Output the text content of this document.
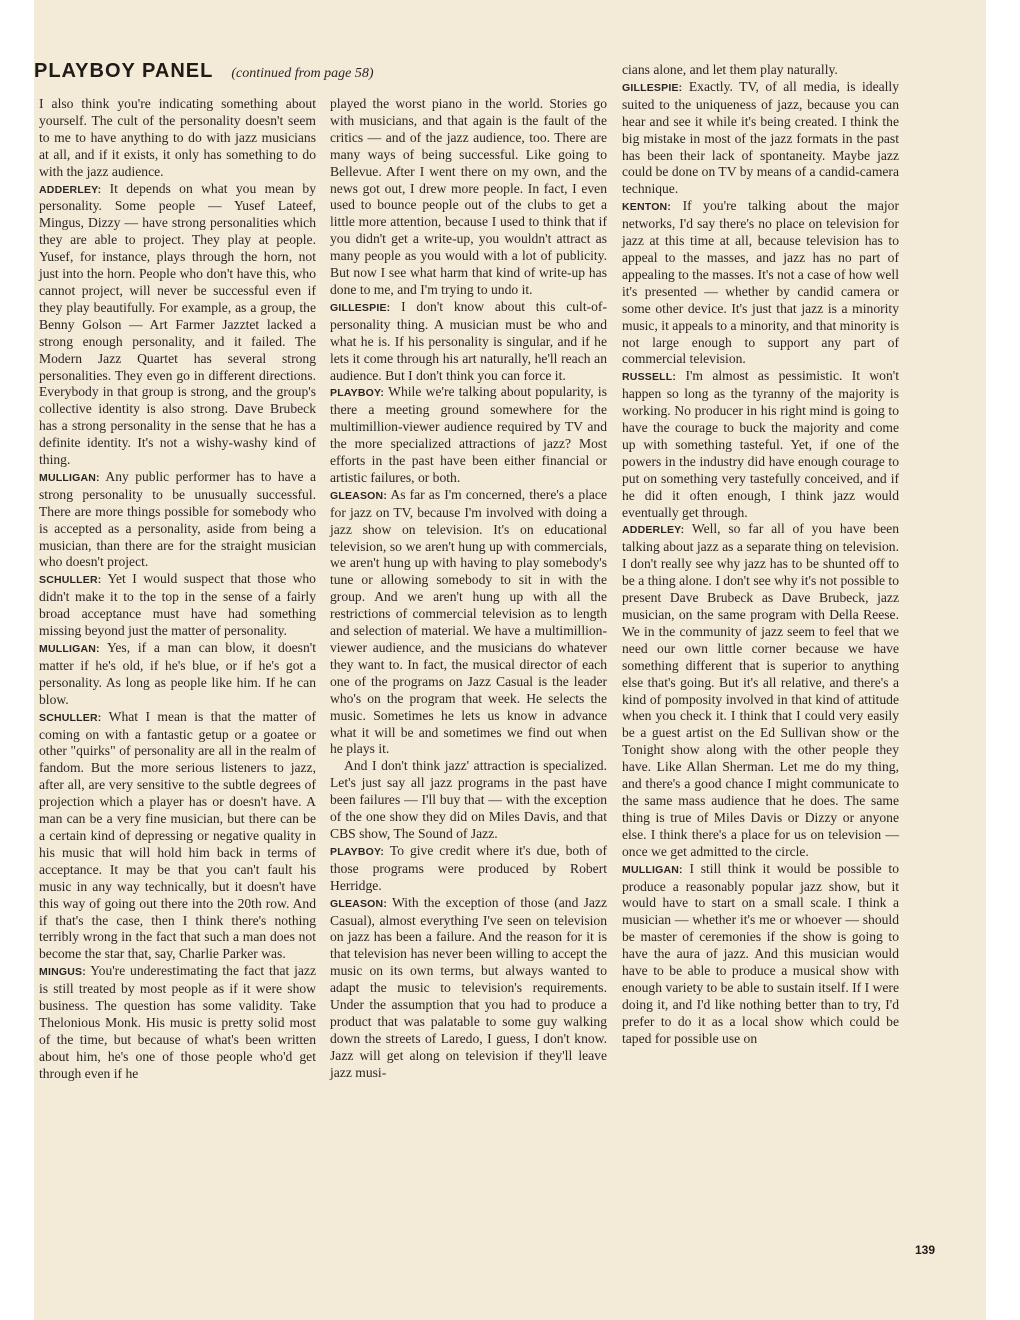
PLAYBOY PANEL (continued from page 58)

I also think you're indicating something about yourself. The cult of the personality doesn't seem to me to have anything to do with jazz musicians at all, and if it exists, it only has something to do with the jazz audience.

ADDERLEY: It depends on what you mean by personality. Some people — Yusef Lateef, Mingus, Dizzy — have strong personalities which they are able to project. They play at people. Yusef, for instance, plays through the horn, not just into the horn. People who don't have this, who cannot project, will never be successful even if they play beautifully. For example, as a group, the Benny Golson — Art Farmer Jazztet lacked a strong enough personality, and it failed. The Modern Jazz Quartet has several strong personalities. They even go in different directions. Everybody in that group is strong, and the group's collective identity is also strong. Dave Brubeck has a strong personality in the sense that he has a definite identity. It's not a wishy-washy kind of thing.

MULLIGAN: Any public performer has to have a strong personality to be unusually successful. There are more things possible for somebody who is accepted as a personality, aside from being a musician, than there are for the straight musician who doesn't project.

SCHULLER: Yet I would suspect that those who didn't make it to the top in the sense of a fairly broad acceptance must have had something missing beyond just the matter of personality.

MULLIGAN: Yes, if a man can blow, it doesn't matter if he's old, if he's blue, or if he's got a personality. As long as people like him. If he can blow.

SCHULLER: What I mean is that the matter of coming on with a fantastic getup or a goatee or other "quirks" of personality are all in the realm of fandom. But the more serious listeners to jazz, after all, are very sensitive to the subtle degrees of projection which a player has or doesn't have. A man can be a very fine musician, but there can be a certain kind of depressing or negative quality in his music that will hold him back in terms of acceptance. It may be that you can't fault his music in any way technically, but it doesn't have this way of going out there into the 20th row. And if that's the case, then I think there's nothing terribly wrong in the fact that such a man does not become the star that, say, Charlie Parker was.

MINGUS: You're underestimating the fact that jazz is still treated by most people as if it were show business. The question has some validity. Take Thelonious Monk. His music is pretty solid most of the time, but because of what's been written about him, he's one of those people who'd get through even if he

played the worst piano in the world. Stories go with musicians, and that again is the fault of the critics — and of the jazz audience, too. There are many ways of being successful. Like going to Bellevue. After I went there on my own, and the news got out, I drew more people. In fact, I even used to bounce people out of the clubs to get a little more attention, because I used to think that if you didn't get a write-up, you wouldn't attract as many people as you would with a lot of publicity. But now I see what harm that kind of write-up has done to me, and I'm trying to undo it.

GILLESPIE: I don't know about this cult-of-personality thing. A musician must be who and what he is. If his personality is singular, and if he lets it come through his art naturally, he'll reach an audience. But I don't think you can force it.

PLAYBOY: While we're talking about popularity, is there a meeting ground somewhere for the multimillion-viewer audience required by TV and the more specialized attractions of jazz? Most efforts in the past have been either financial or artistic failures, or both.

GLEASON: As far as I'm concerned, there's a place for jazz on TV, because I'm involved with doing a jazz show on television. It's on educational television, so we aren't hung up with commercials, we aren't hung up with having to play somebody's tune or allowing somebody to sit in with the group. And we aren't hung up with all the restrictions of commercial television as to length and selection of material. We have a multimillion-viewer audience, and the musicians do whatever they want to. In fact, the musical director of each one of the programs on Jazz Casual is the leader who's on the program that week. He selects the music. Sometimes he lets us know in advance what it will be and sometimes we find out when he plays it.

And I don't think jazz' attraction is specialized. Let's just say all jazz programs in the past have been failures — I'll buy that — with the exception of the one show they did on Miles Davis, and that CBS show, The Sound of Jazz.

PLAYBOY: To give credit where it's due, both of those programs were produced by Robert Herridge.

GLEASON: With the exception of those (and Jazz Casual), almost everything I've seen on television on jazz has been a failure. And the reason for it is that television has never been willing to accept the music on its own terms, but always wanted to adapt the music to television's requirements. Under the assumption that you had to produce a product that was palatable to some guy walking down the streets of Laredo, I guess, I don't know. Jazz will get along on television if they'll leave jazz musi-

cians alone, and let them play naturally.

GILLESPIE: Exactly. TV, of all media, is ideally suited to the uniqueness of jazz, because you can hear and see it while it's being created. I think the big mistake in most of the jazz formats in the past has been their lack of spontaneity. Maybe jazz could be done on TV by means of a candid-camera technique.

KENTON: If you're talking about the major networks, I'd say there's no place on television for jazz at this time at all, because television has to appeal to the masses, and jazz has no part of appealing to the masses. It's not a case of how well it's presented — whether by candid camera or some other device. It's just that jazz is a minority music, it appeals to a minority, and that minority is not large enough to support any part of commercial television.

RUSSELL: I'm almost as pessimistic. It won't happen so long as the tyranny of the majority is working. No producer in his right mind is going to have the courage to buck the majority and come up with something tasteful. Yet, if one of the powers in the industry did have enough courage to put on something very tastefully conceived, and if he did it often enough, I think jazz would eventually get through.

ADDERLEY: Well, so far all of you have been talking about jazz as a separate thing on television. I don't really see why jazz has to be shunted off to be a thing alone. I don't see why it's not possible to present Dave Brubeck as Dave Brubeck, jazz musician, on the same program with Della Reese. We in the community of jazz seem to feel that we need our own little corner because we have something different that is superior to anything else that's going. But it's all relative, and there's a kind of pomposity involved in that kind of attitude when you check it. I think that I could very easily be a guest artist on the Ed Sullivan show or the Tonight show along with the other people they have. Like Allan Sherman. Let me do my thing, and there's a good chance I might communicate to the same mass audience that he does. The same thing is true of Miles Davis or Dizzy or anyone else. I think there's a place for us on television — once we get admitted to the circle.

MULLIGAN: I still think it would be possible to produce a reasonably popular jazz show, but it would have to start on a small scale. I think a musician — whether it's me or whoever — should be master of ceremonies if the show is going to have the aura of jazz. And this musician would have to be able to produce a musical show with enough variety to be able to sustain itself. If I were doing it, and I'd like nothing better than to try, I'd prefer to do it as a local show which could be taped for possible use on

139
